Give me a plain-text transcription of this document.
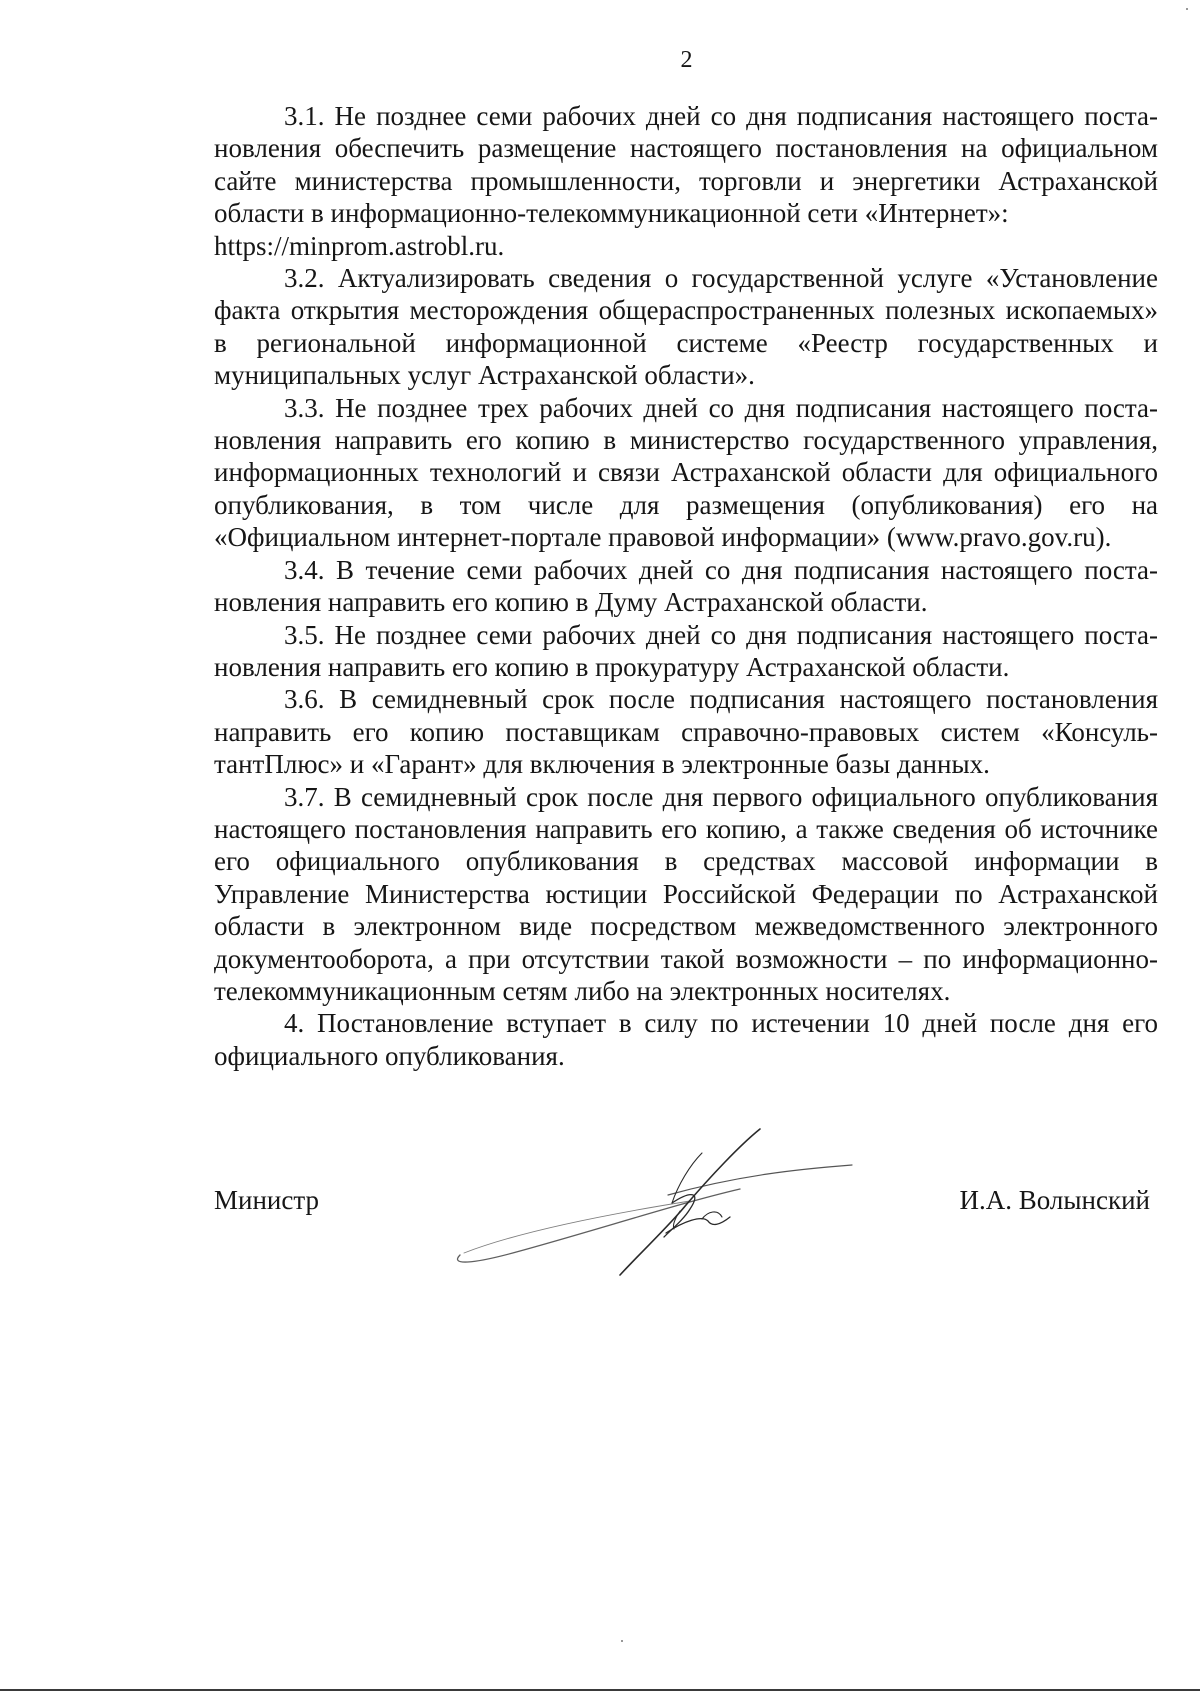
2

3.1. Не позднее семи рабочих дней со дня подписания настоящего постановления обеспечить размещение настоящего постановления на официальном сайте министерства промышленности, торговли и энергетики Астраханской области в информационно-телекоммуникационной сети «Интернет»:

https://minprom.astrobl.ru.

3.2. Актуализировать сведения о государственной услуге «Установление факта открытия месторождения общераспространенных полезных ископаемых» в региональной информационной системе «Реестр государственных и муниципальных услуг Астраханской области».

3.3. Не позднее трех рабочих дней со дня подписания настоящего постановления направить его копию в министерство государственного управления, информационных технологий и связи Астраханской области для официального опубликования, в том числе для размещения (опубликования) его на «Официальном интернет-портале правовой информации» (www.pravo.gov.ru).

3.4. В течение семи рабочих дней со дня подписания настоящего постановления направить его копию в Думу Астраханской области.

3.5. Не позднее семи рабочих дней со дня подписания настоящего постановления направить его копию в прокуратуру Астраханской области.

3.6. В семидневный срок после подписания настоящего постановления направить его копию поставщикам справочно-правовых систем «КонсультантПлюс» и «Гарант» для включения в электронные базы данных.

3.7. В семидневный срок после дня первого официального опубликования настоящего постановления направить его копию, а также сведения об источнике его официального опубликования в средствах массовой информации в Управление Министерства юстиции Российской Федерации по Астраханской области в электронном виде посредством межведомственного электронного документооборота, а при отсутствии такой возможности – по информационно-телекоммуникационным сетям либо на электронных носителях.

4. Постановление вступает в силу по истечении 10 дней после дня его официального опубликования.

Министр	И.А. Волынский
